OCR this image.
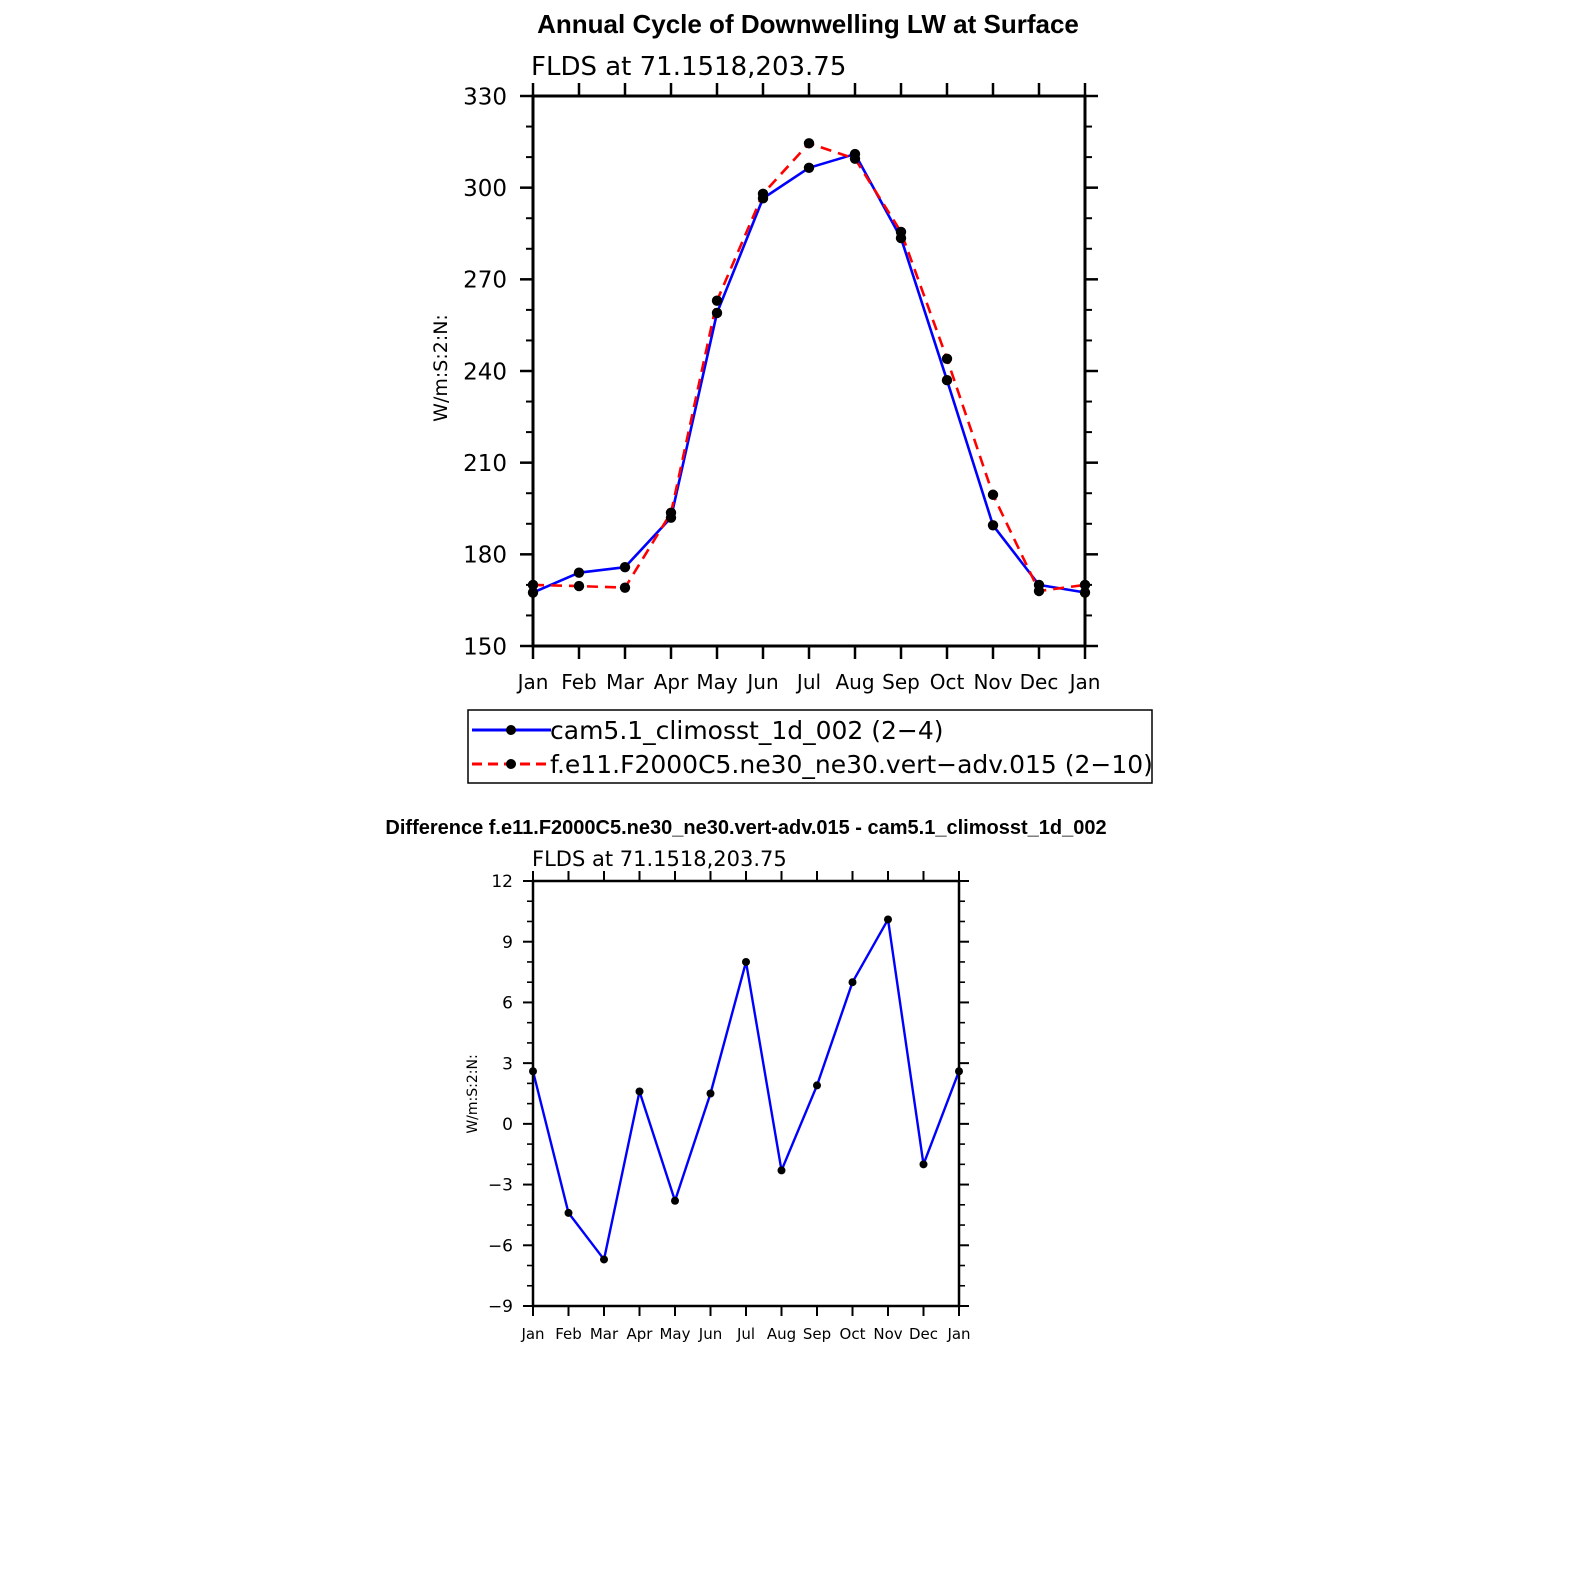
Annual Cycle of Downwelling LW at Surface
FLDS at 71.1518,203.75
W/m:S:2:N:
150
180
210
240
270
300
330
Jan Feb Mar Apr May Jun Jul Aug Sep Oct Nov Dec Jan
cam5.1_climosst_1d_002 (2−4)
f.e11.F2000C5.ne30_ne30.vert−adv.015 (2−10)
Difference f.e11.F2000C5.ne30_ne30.vert-adv.015 - cam5.1_climosst_1d_002
FLDS at 71.1518,203.75
W/m:S:2:N:
−9
−6
−3
0
3
6
9
12
Jan Feb Mar Apr May Jun Jul Aug Sep Oct Nov Dec Jan
